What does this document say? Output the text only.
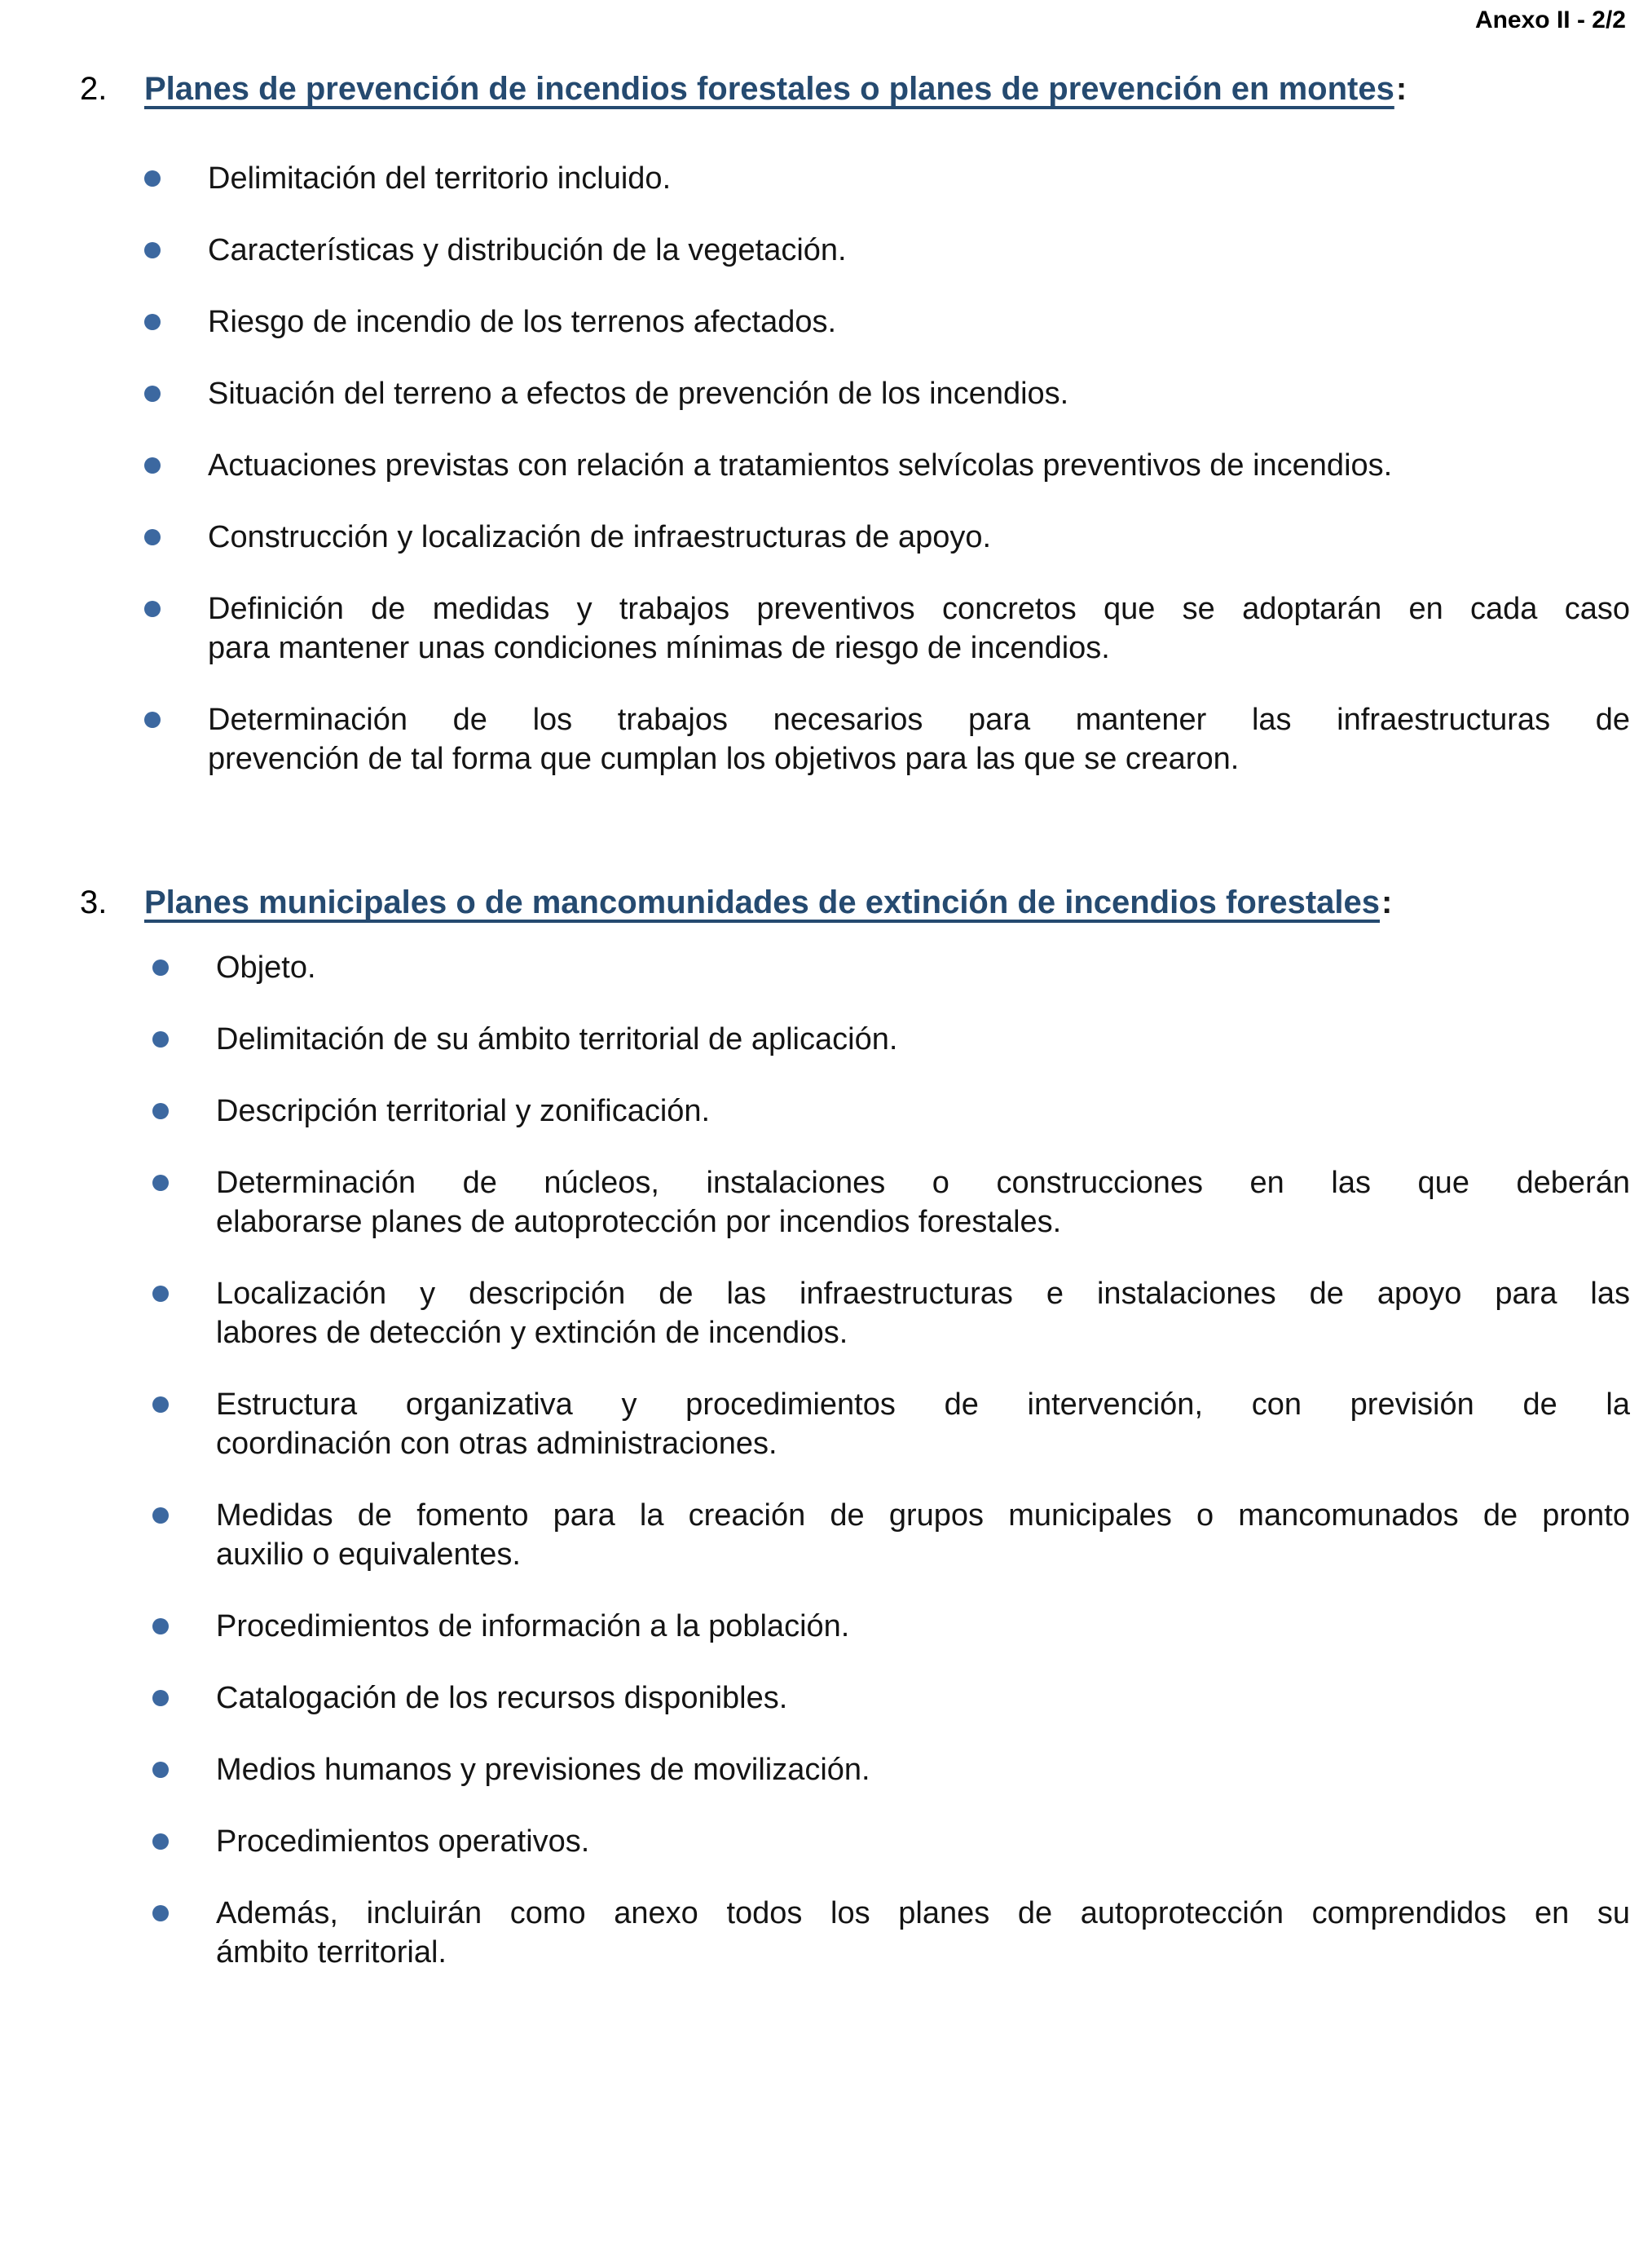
Anexo II - 2/2
2.	Planes de prevención de incendios forestales o planes de prevención en montes:
Delimitación del territorio incluido.
Características y distribución de la vegetación.
Riesgo de incendio de los terrenos afectados.
Situación del terreno a efectos de prevención de los incendios.
Actuaciones previstas con relación a tratamientos selvícolas preventivos de incendios.
Construcción y localización de infraestructuras de apoyo.
Definición de medidas y trabajos preventivos concretos que se adoptarán en cada caso
para mantener unas condiciones mínimas de riesgo de incendios.
Determinación de los trabajos necesarios para mantener las infraestructuras de
prevención de tal forma que cumplan los objetivos para las que se crearon.
3.	Planes municipales o de mancomunidades de extinción de incendios forestales:
Objeto.
Delimitación de su ámbito territorial de aplicación.
Descripción territorial y zonificación.
Determinación de núcleos, instalaciones o construcciones en las que deberán
elaborarse planes de autoprotección por incendios forestales.
Localización y descripción de las infraestructuras e instalaciones de apoyo para las
labores de detección y extinción de incendios.
Estructura organizativa y procedimientos de intervención, con previsión de la
coordinación con otras administraciones.
Medidas de fomento para la creación de grupos municipales o mancomunados de pronto
auxilio o equivalentes.
Procedimientos de información a la población.
Catalogación de los recursos disponibles.
Medios humanos y previsiones de movilización.
Procedimientos operativos.
Además, incluirán como anexo todos los planes de autoprotección comprendidos en su
ámbito territorial.
